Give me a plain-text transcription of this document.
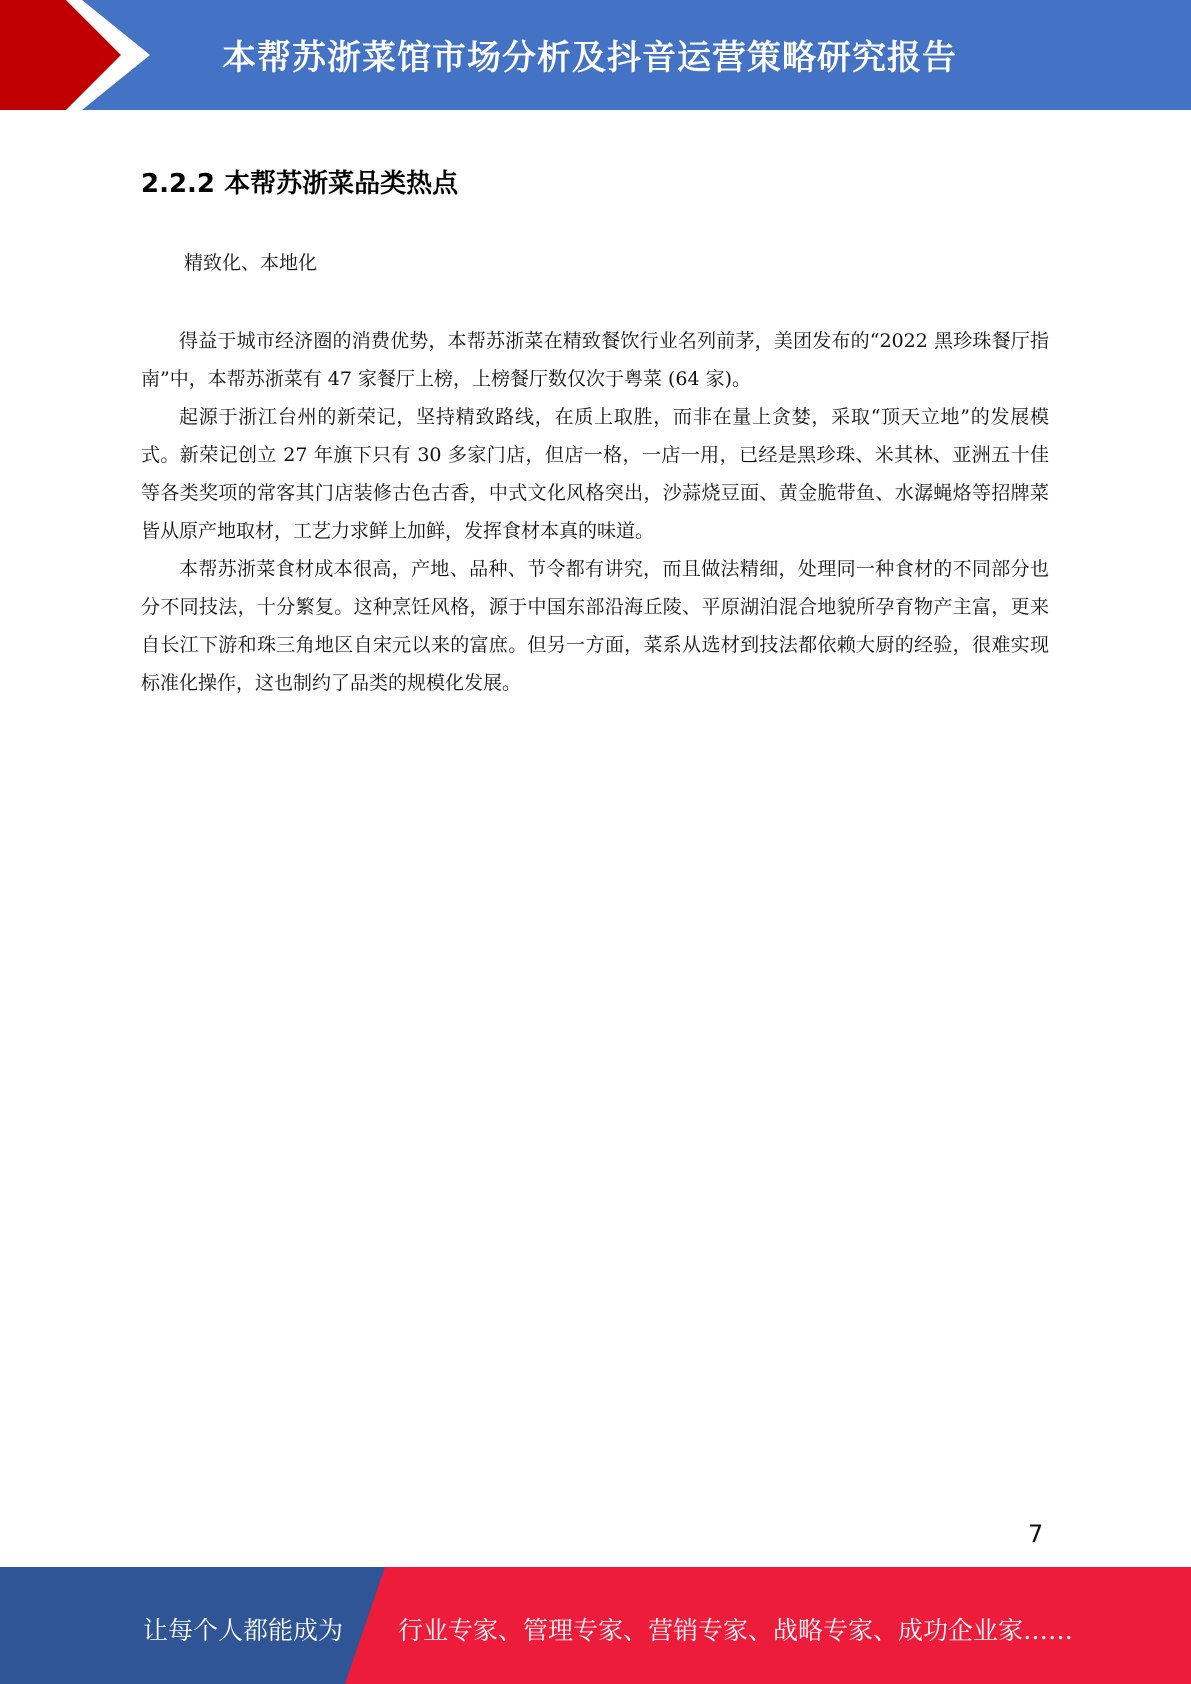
本帮苏浙菜馆市场分析及抖音运营策略研究报告
2.2.2 本帮苏浙菜品类热点
精致化、本地化

得益于城市经济圈的消费优势，本帮苏浙菜在精致餐饮行业名列前茅，美团发布的“2022 黑珍珠餐厅指南”中，本帮苏浙菜有 47 家餐厅上榜，上榜餐厅数仅次于粤菜 (64 家)。

起源于浙江台州的新荣记，坚持精致路线，在质上取胜，而非在量上贪婪，采取“顶天立地”的发展模式。新荣记创立 27 年旗下只有 30 多家门店，但店一格，一店一用，已经是黑珍珠、米其林、亚洲五十佳等各类奖项的常客其门店装修古色古香，中式文化风格突出，沙蒜烧豆面、黄金脆带鱼、水潺蝇烙等招牌菜皆从原产地取材，工艺力求鲜上加鲜，发挥食材本真的味道。

本帮苏浙菜食材成本很高，产地、品种、节令都有讲究，而且做法精细，处理同一种食材的不同部分也分不同技法，十分繁复。这种烹饪风格，源于中国东部沿海丘陵、平原湖泊混合地貌所孕育物产主富，更来自长江下游和珠三角地区自宋元以来的富庶。但另一方面，菜系从选材到技法都依赖大厨的经验，很难实现标准化操作，这也制约了品类的规模化发展。

7
让每个人都能成为 行业专家、管理专家、营销专家、战略专家、成功企业家……
